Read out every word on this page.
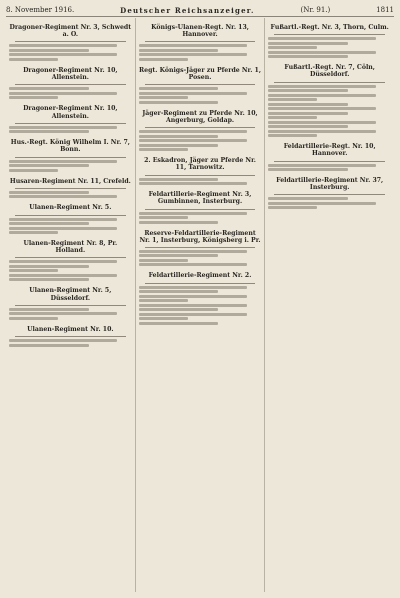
8. November 1916.	Deutscher Reichsanzeiger.	(Nr. 91.)	1811
Dragoner-Regiment Nr. 3, Schwedt a. O.
Dragoner-Regiment Nr. 10, Allenstein.
Dragoner-Regiment Nr. 10, Allenstein.
Hus.-Regt. König Wilhelm I. Nr. 7, Bonn.
Husaren-Regiment Nr. 11, Crefeld.
Ulanen-Regiment Nr. 5.
Ulanen-Regiment Nr. 8, Pr. Holland.
Ulanen-Regiment Nr. 5, Düsseldorf.
Ulanen-Regiment Nr. 10.
Königs-Ulanen-Regt. Nr. 13, Hannover.
Regt. Königs-Jäger zu Pferde Nr. 1, Posen.
Jäger-Regiment zu Pferde Nr. 10, Angerburg, Goldap.
2. Eskadron, Jäger zu Pferde Nr. 11, Tarnowitz.
Feldartillerie-Regiment Nr. 3, Gumbinnen, Insterburg.
Reserve-Feldartillerie-Regiment Nr. 1, Insterburg, Königsberg i. Pr.
Feldartillerie-Regiment Nr. 2.
Fußartl.-Regt. Nr. 3, Thorn, Culm.
Fußartl.-Regt. Nr. 7, Cöln, Düsseldorf.
Feldartillerie-Regt. Nr. 10, Hannover.
Feldartillerie-Regiment Nr. 37, Insterburg.
